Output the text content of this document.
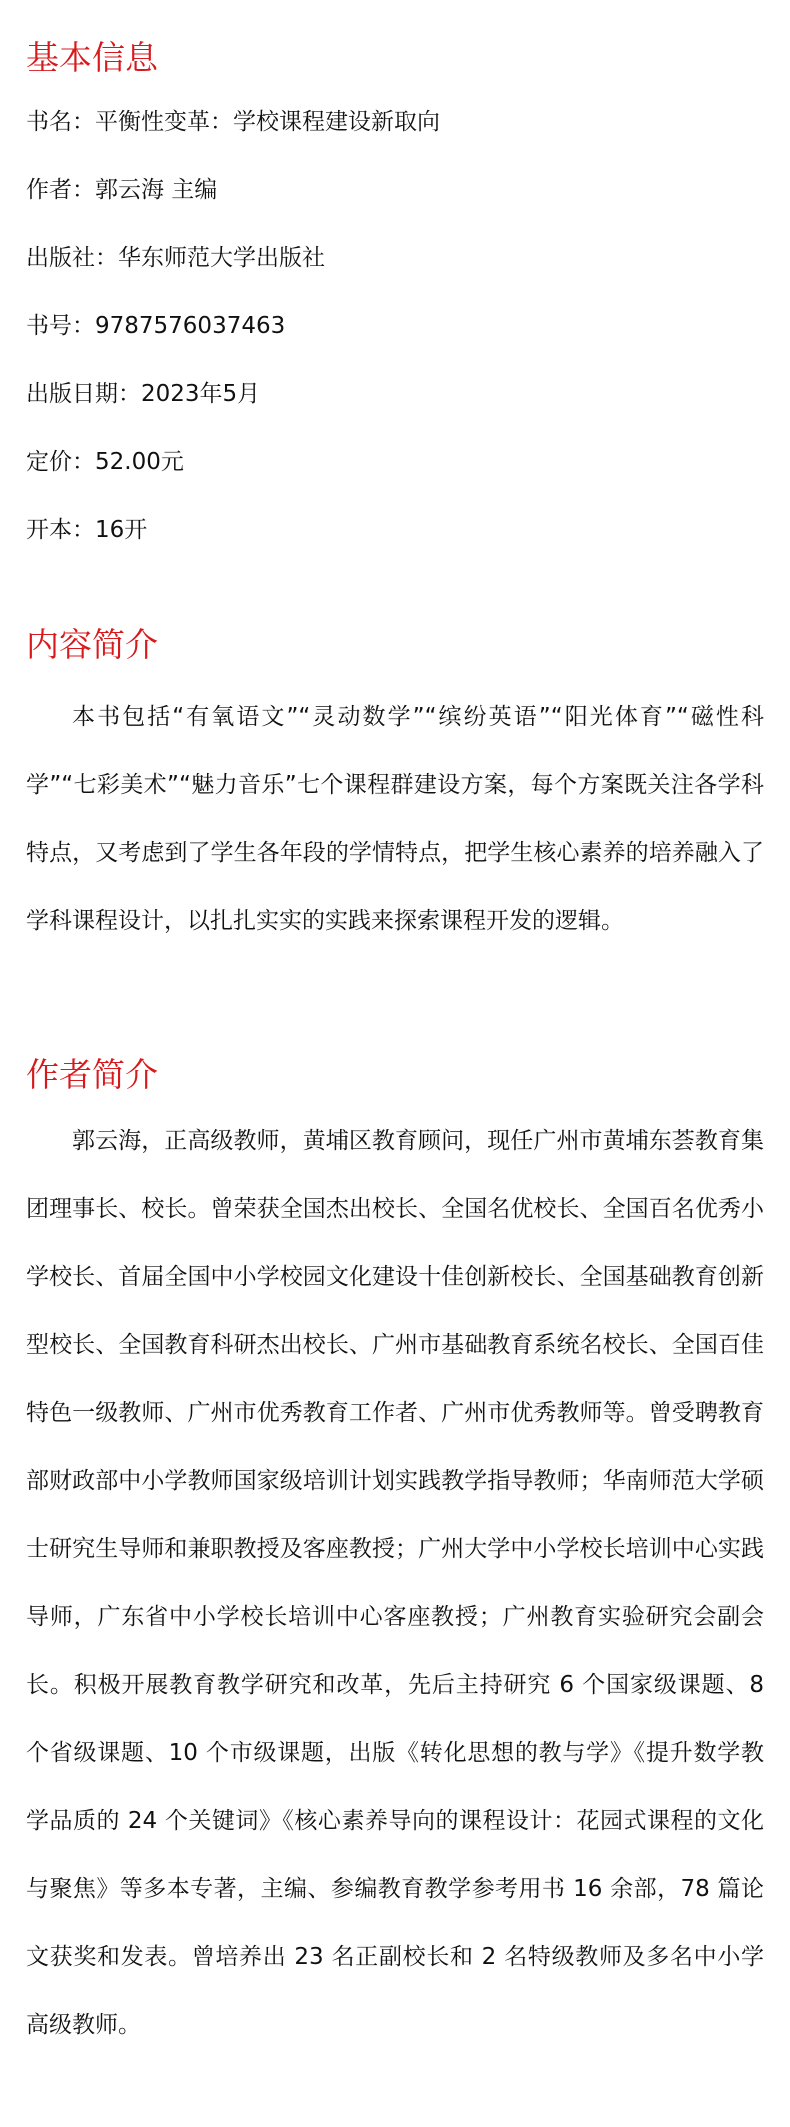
基本信息
书名：平衡性变革：学校课程建设新取向
作者：郭云海 主编
出版社：华东师范大学出版社
书号：9787576037463
出版日期：2023年5月
定价：52.00元
开本：16开
内容简介

本书包括“有氧语文”“灵动数学”“缤纷英语”“阳光体育”“磁性科学”“七彩美术”“魅力音乐”七个课程群建设方案，每个方案既关注各学科特点，又考虑到了学生各年段的学情特点，把学生核心素养的培养融入了学科课程设计，以扎扎实实的实践来探索课程开发的逻辑。

作者简介

郭云海，正高级教师，黄埔区教育顾问，现任广州市黄埔东荟教育集团理事长、校长。曾荣获全国杰出校长、全国名优校长、全国百名优秀小学校长、首届全国中小学校园文化建设十佳创新校长、全国基础教育创新型校长、全国教育科研杰出校长、广州市基础教育系统名校长、全国百佳特色一级教师、广州市优秀教育工作者、广州市优秀教师等。曾受聘教育部财政部中小学教师国家级培训计划实践教学指导教师；华南师范大学硕士研究生导师和兼职教授及客座教授；广州大学中小学校长培训中心实践导师，广东省中小学校长培训中心客座教授；广州教育实验研究会副会长。积极开展教育教学研究和改革，先后主持研究 6 个国家级课题、8 个省级课题、10 个市级课题，出版《转化思想的教与学》《提升数学教学品质的 24 个关键词》《核心素养导向的课程设计：花园式课程的文化与聚焦》等多本专著，主编、参编教育教学参考用书 16 余部，78 篇论文获奖和发表。曾培养出 23 名正副校长和 2 名特级教师及多名中小学高级教师。
